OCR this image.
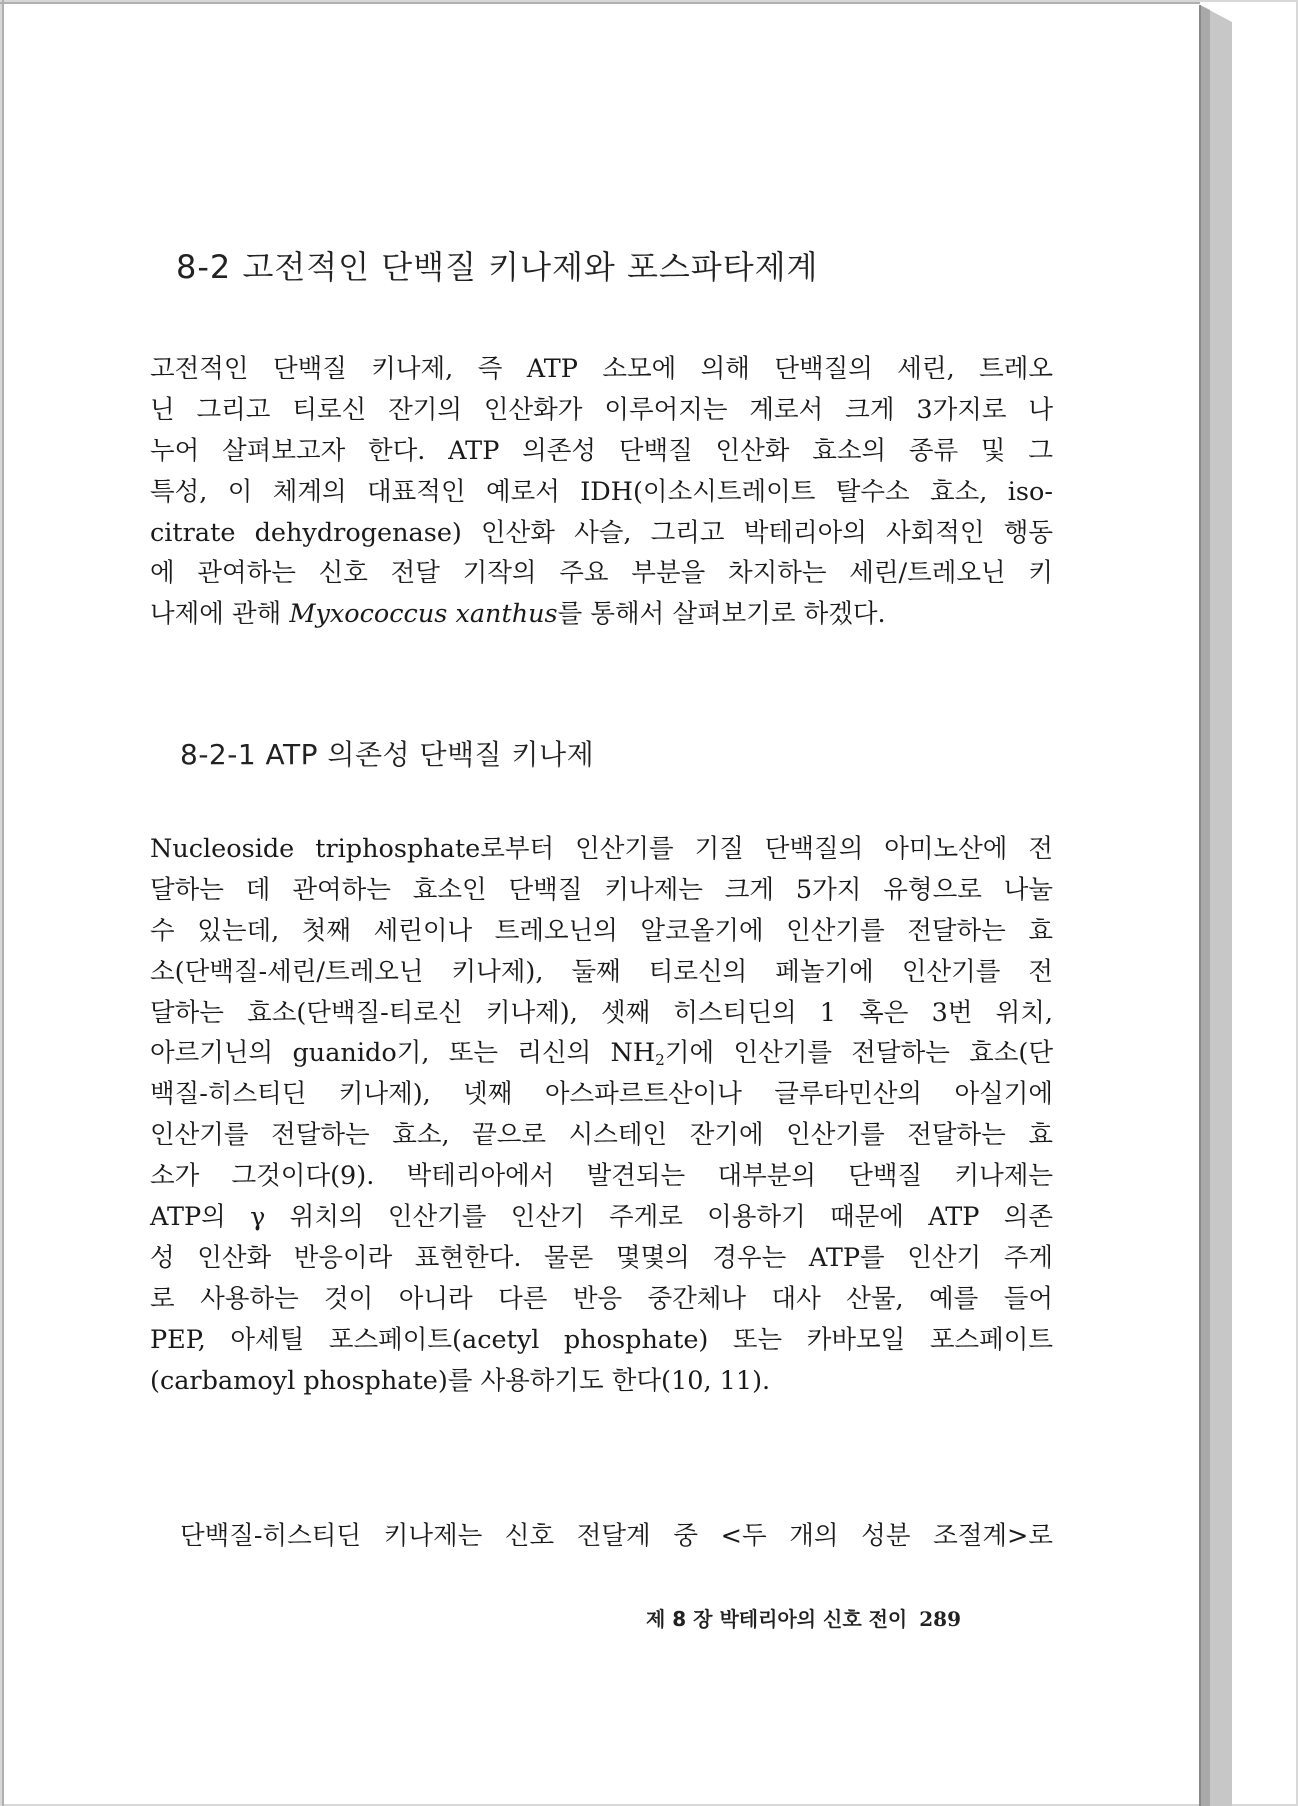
8-2 고전적인 단백질 키나제와 포스파타제계
고전적인 단백질 키나제, 즉 ATP 소모에 의해 단백질의 세린, 트레오
닌 그리고 티로신 잔기의 인산화가 이루어지는 계로서 크게 3가지로 나
누어 살펴보고자 한다. ATP 의존성 단백질 인산화 효소의 종류 및 그
특성, 이 체계의 대표적인 예로서 IDH(이소시트레이트 탈수소 효소, iso-
citrate dehydrogenase) 인산화 사슬, 그리고 박테리아의 사회적인 행동
에 관여하는 신호 전달 기작의 주요 부분을 차지하는 세린/트레오닌 키
나제에 관해 Myxococcus xanthus를 통해서 살펴보기로 하겠다.
8-2-1 ATP 의존성 단백질 키나제
Nucleoside triphosphate로부터 인산기를 기질 단백질의 아미노산에 전
달하는 데 관여하는 효소인 단백질 키나제는 크게 5가지 유형으로 나눌
수 있는데, 첫째 세린이나 트레오닌의 알코올기에 인산기를 전달하는 효
소(단백질-세린/트레오닌 키나제), 둘째 티로신의 페놀기에 인산기를 전
달하는 효소(단백질-티로신 키나제), 셋째 히스티딘의 1 혹은 3번 위치,
아르기닌의 guanido기, 또는 리신의 $NH_2$기에 인산기를 전달하는 효소(단
백질-히스티딘 키나제), 넷째 아스파르트산이나 글루타민산의 아실기에
인산기를 전달하는 효소, 끝으로 시스테인 잔기에 인산기를 전달하는 효
소가 그것이다(9). 박테리아에서 발견되는 대부분의 단백질 키나제는
ATP의 γ 위치의 인산기를 인산기 주게로 이용하기 때문에 ATP 의존
성 인산화 반응이라 표현한다. 물론 몇몇의 경우는 ATP를 인산기 주게
로 사용하는 것이 아니라 다른 반응 중간체나 대사 산물, 예를 들어
PEP, 아세틸 포스페이트(acetyl phosphate) 또는 카바모일 포스페이트
(carbamoyl phosphate)를 사용하기도 한다(10, 11).
단백질-히스티딘 키나제는 신호 전달계 중 <두 개의 성분 조절계>로
제 8 장 박테리아의 신호 전이 289
